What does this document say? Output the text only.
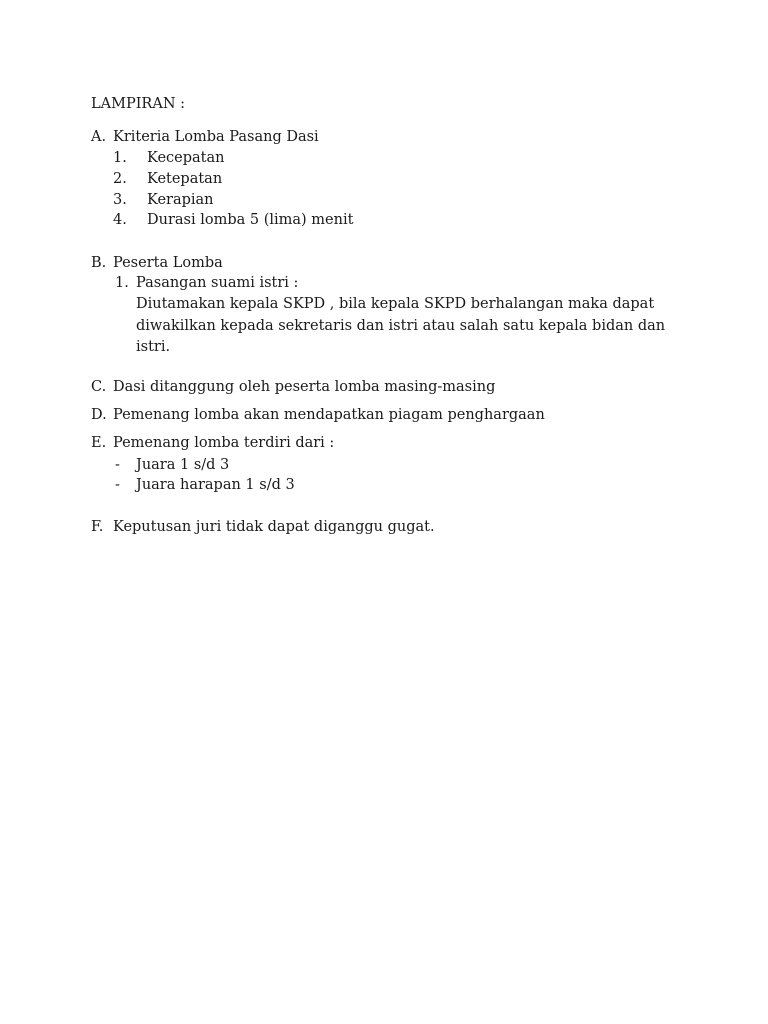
LAMPIRAN :
A. Kriteria Lomba Pasang Dasi
1. Kecepatan
2. Ketepatan
3. Kerapian
4. Durasi lomba 5 (lima) menit
B. Peserta Lomba
1. Pasangan suami istri :
Diutamakan kepala SKPD , bila kepala SKPD berhalangan maka dapat
diwakilkan kepada sekretaris dan istri atau salah satu kepala bidan dan
istri.
C. Dasi ditanggung oleh peserta lomba masing-masing
D. Pemenang lomba akan mendapatkan piagam penghargaan
E. Pemenang lomba terdiri dari :
- Juara 1 s/d 3
- Juara harapan 1 s/d 3
F. Keputusan juri tidak dapat diganggu gugat.
